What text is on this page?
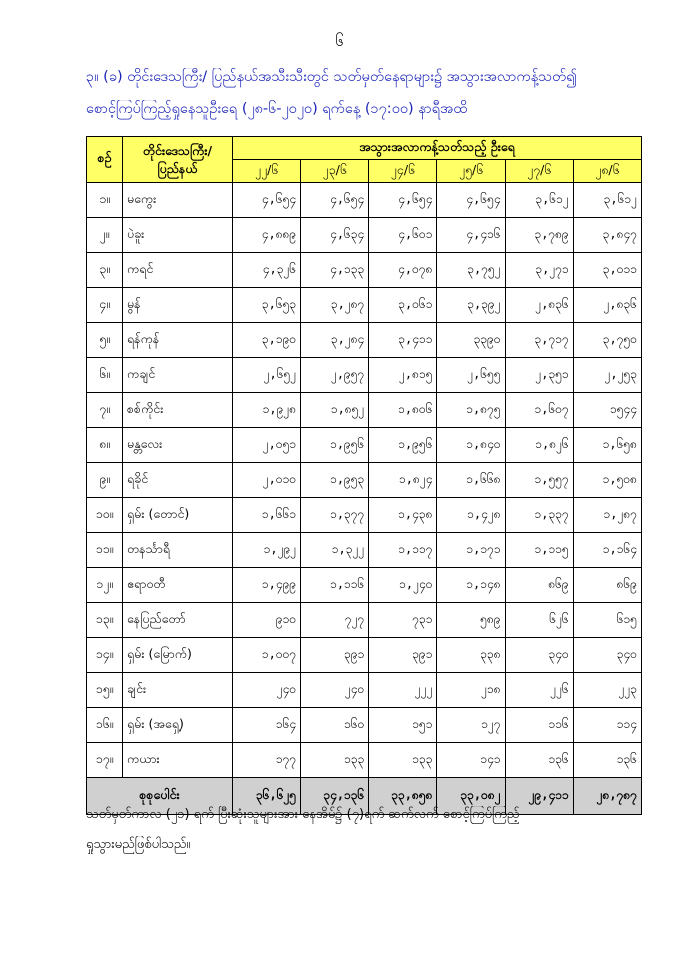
၆
၃။ (ခ) တိုင်းဒေသကြီး/ ပြည်နယ်အသီးသီးတွင် သတ်မှတ်နေရာများ၌ အသွားအလာကန့်သတ်၍
စောင့်ကြပ်ကြည့်ရှုနေသူဦးရေ (၂၈-၆-၂၀၂၀) ရက်နေ့ (၁၇:၀၀) နာရီအထိ
စဉ်	တိုင်းဒေသကြီး/ ပြည်နယ်	အသွားအလာကန့်သတ်သည့် ဦးရေ					
		၂၂/၆	၂၃/၆	၂၄/၆	၂၅/၆	၂၇/၆	၂၈/၆
၁။	မကွေး	၄,၆၅၄	၄,၆၅၄	၄,၆၅၄	၄,၆၅၄	၃,၆၁၂	၃,၆၁၂
၂။	ပဲခူး	၄,၈၈၉	၄,၆၃၄	၄,၆၀၁	၄,၄၁၆	၃,၇၈၉	၃,၈၄၇
၃။	ကရင်	၄,၃၂၆	၄,၁၃၃	၄,၀၇၈	၃,၇၅၂	၃,၂၇၁	၃,၀၁၁
၄။	မွန်	၃,၆၅၃	၃,၂၈၇	၃,၀၆၁	၃,၃၉၂	၂,၈၃၆	၂,၈၃၆
၅။	ရန်ကုန်	၃,၁၉၀	၃,၂၈၄	၃,၄၁၁	၃၃၉၀	၃,၇၁၇	၃,၇၅၀
၆။	ကချင်	၂,၆၅၂	၂,၉၅၇	၂,၈၁၅	၂,၆၅၅	၂,၃၅၁	၂,၂၅၃
၇။	စစ်ကိုင်း	၁,၉၂၈	၁,၈၅၂	၁,၈၀၆	၁,၈၇၅	၁,၆၀၇	၁၅၄၄
၈။	မန္တလေး	၂,၀၅၁	၁,၉၅၆	၁,၉၅၆	၁,၈၄၀	၁,၈၂၆	၁,၆၅၈
၉။	ရခိုင်	၂,၀၁၀	၁,၉၅၃	၁,၈၂၄	၁,၆၆၈	၁,၅၅၇	၁,၅၀၈
၁၀။	ရှမ်း (တောင်)	၁,၆၆၁	၁,၃၇၇	၁,၄၃၈	၁,၄၂၈	၁,၃၃၇	၁,၂၈၇
၁၁။	တနင်္သာရီ	၁,၂၉၂	၁,၃၂၂	၁,၁၁၇	၁,၁၇၁	၁,၁၁၅	၁,၁၆၄
၁၂။	ဧရာဝတီ	၁,၄၉၉	၁,၁၁၆	၁,၂၄၀	၁,၁၄၈	၈၆၉	၈၆၉
၁၃။	နေပြည်တော်	၉၁၀	၇၂၇	၇၃၁	၅၈၉	၆၂၆	၆၁၅
၁၄။	ရှမ်း (မြောက်)	၁,၀၀၇	၃၉၁	၃၉၁	၃၃၈	၃၄၀	၃၄၀
၁၅။	ချင်း	၂၄၀	၂၄၀	၂၂၂	၂၁၈	၂၂၆	၂၂၃
၁၆။	ရှမ်း (အရှေ့)	၁၆၄	၁၆၀	၁၅၁	၁၂၇	၁၁၆	၁၁၄
၁၇။	ကယား	၁၇၇	၁၃၃	၁၃၃	၁၄၁	၁၃၆	၁၃၆
စုစုပေါင်း		၃၆,၆၂၅	၃၄,၁၃၆	၃၃,၈၅၈	၃၃,၀၈၂	၂၉,၄၁၁	၂၈,၇၈၇
သတ်မှတ်ကာလ (၂၁) ရက် ပြီးဆုံးသူများအား နေအိမ်၌ (၇)ရက် ဆက်လက် စောင့်ကြပ်ကြည့်
ရှုသွားမည်ဖြစ်ပါသည်။
